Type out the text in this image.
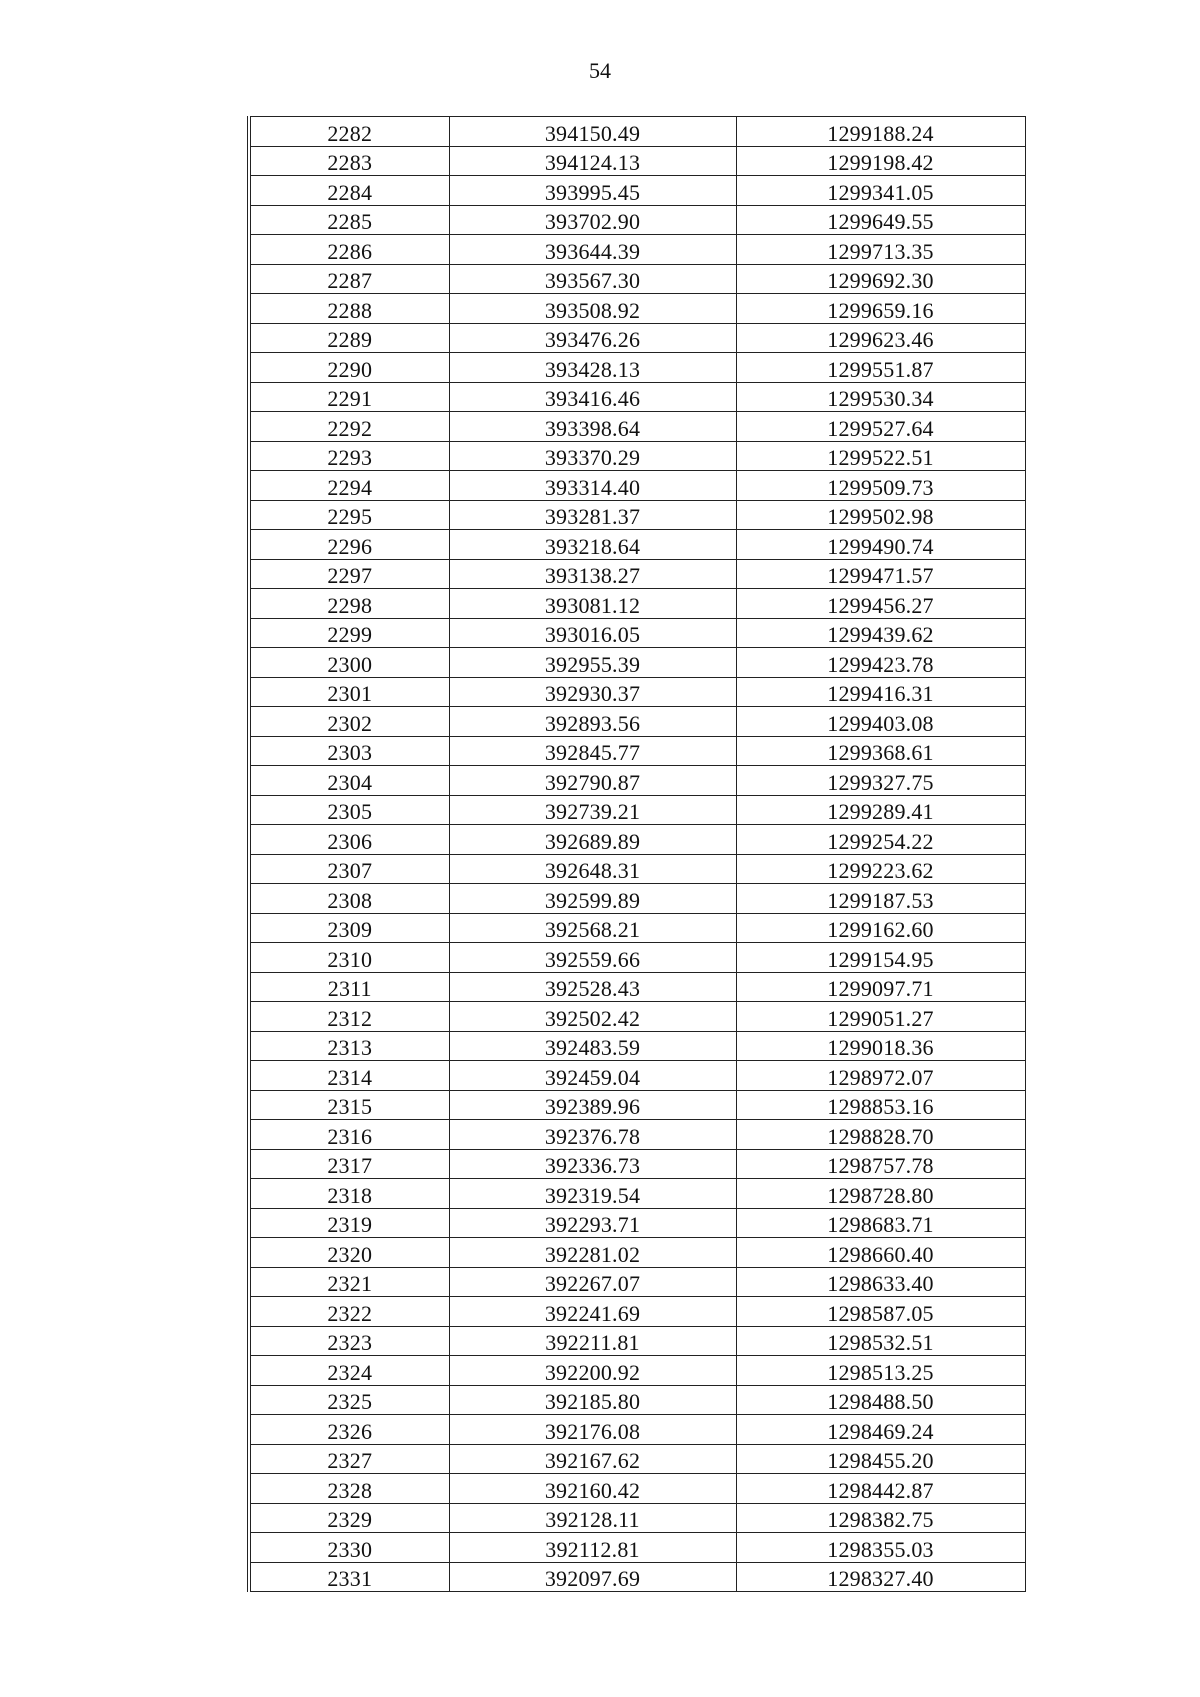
54
2282	394150.49	1299188.24
2283	394124.13	1299198.42
2284	393995.45	1299341.05
2285	393702.90	1299649.55
2286	393644.39	1299713.35
2287	393567.30	1299692.30
2288	393508.92	1299659.16
2289	393476.26	1299623.46
2290	393428.13	1299551.87
2291	393416.46	1299530.34
2292	393398.64	1299527.64
2293	393370.29	1299522.51
2294	393314.40	1299509.73
2295	393281.37	1299502.98
2296	393218.64	1299490.74
2297	393138.27	1299471.57
2298	393081.12	1299456.27
2299	393016.05	1299439.62
2300	392955.39	1299423.78
2301	392930.37	1299416.31
2302	392893.56	1299403.08
2303	392845.77	1299368.61
2304	392790.87	1299327.75
2305	392739.21	1299289.41
2306	392689.89	1299254.22
2307	392648.31	1299223.62
2308	392599.89	1299187.53
2309	392568.21	1299162.60
2310	392559.66	1299154.95
2311	392528.43	1299097.71
2312	392502.42	1299051.27
2313	392483.59	1299018.36
2314	392459.04	1298972.07
2315	392389.96	1298853.16
2316	392376.78	1298828.70
2317	392336.73	1298757.78
2318	392319.54	1298728.80
2319	392293.71	1298683.71
2320	392281.02	1298660.40
2321	392267.07	1298633.40
2322	392241.69	1298587.05
2323	392211.81	1298532.51
2324	392200.92	1298513.25
2325	392185.80	1298488.50
2326	392176.08	1298469.24
2327	392167.62	1298455.20
2328	392160.42	1298442.87
2329	392128.11	1298382.75
2330	392112.81	1298355.03
2331	392097.69	1298327.40
